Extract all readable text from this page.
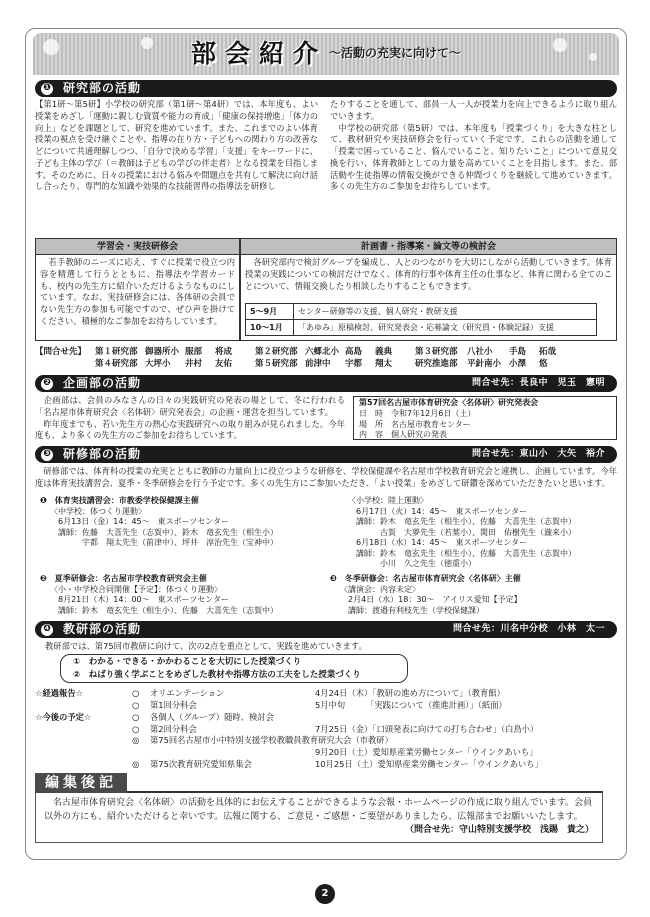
部会紹介 ～活動の充実に向けて～
❶ 研究部の活動
【第1研～第5研】小学校の研究部（第1研～第4研）では、本年度も、よい授業をめざし「運動に親しむ資質や能力の育成」「健康の保持増進」「体力の向上」などを課題として、研究を進めています。また、これまでのよい体育授業の視点を受け継ぐことや、指導の在り方・子どもへの関わり方の改善などについて共通理解しつつ、「自分で決める学習」「支援」をキーワードに、子ども主体の学び（＝教師は子どもの学びの伴走者）となる授業を目指します。そのために、日々の授業における悩みや問題点を共有して解決に向け話し合ったり、専門的な知識や効果的な技能習得の指導法を研修し
たりすることを通して、部員一人一人が授業力を向上できるように取り組んでいきます。
　中学校の研究部（第5研）では、本年度も「授業づくり」を大きな柱として、教材研究や実技研修会を行っていく予定です。これらの活動を通して「授業で困っていること、悩んでいること、知りたいこと」について意見交換を行い、体育教師としての力量を高めていくことを目指します。また、部活動や生徒指導の情報交換ができる仲間づくりを継続して進めていきます。多くの先生方のご参加をお待ちしています。
学習会・実技研修会
　若手教師のニーズに応え、すぐに授業で役立つ内容を精選して行うとともに、指導法や学習カードも、校内の先生方に紹介いただけるようなものにしています。なお、実技研修会には、各体研の会員でない先生方の参加も可能ですので、ぜひ声を掛けてください。積極的なご参加をお待ちしています。
計画書・指導案・論文等の検討会
　各研究部内で検討グループを編成し、人とのつながりを大切にしながら活動していきます。体育授業の実践についての検討だけでなく、体育的行事や体育主任の仕事など、体育に関わる全てのことについて、情報交換したり相談したりすることもできます。
5～9月	センター研修等の支援、個人研究・教研支援
10～1月	「あゆみ」原稿検討、研究発表会・応募論文（研究員・体験記録）支援
【問合せ先】	第１研究部 御器所小 服部	将成	第２研究部 六郷北小 高島	義典	第３研究部	八社小	手島	拓哉
第４研究部 大坪小	井村	友佑	第５研究部 前津中	宇都	翔太	研究推進部	平針南小 小澤	悠
❷ 企画部の活動	問合せ先：長良中　児玉　憲明
　企画部は、会員のみなさんの日々の実践研究の発表の場として、冬に行われる「名古屋市体育研究会〈名体研〉研究発表会」の企画・運営を担当しています。
　昨年度までも、若い先生方の熱心な実践研究への取り組みが見られました。今年度も、より多くの先生方のご参加をお待ちしています。
第57回名古屋市体育研究会〈名体研〉研究発表会
日　時　 令和7年12月6日（土）
場　所　 名古屋市教育センター
内　容　 個人研究の発表
❸ 研修部の活動	問合せ先：東山小　大矢　裕介
　研修部では、体育科の授業の充実とともに教師の力量向上に役立つような研修を、学校保健課や名古屋市学校教育研究会と連携し、企画しています。今年度は体育実技講習会、夏季・冬季研修会を行う予定です。多くの先生方にご参加いただき、「よい授業」をめざして研鑽を深めていただきたいと思います。
❶　体育実技講習会：市教委学校保健課主催
〈中学校：体つくり運動〉
　6月13日（金）14：45～　東スポーツセンター
　講師：佐藤　大喜先生（志賀中）、鈴木　竜玄先生（相生小）
　　　　宇都　翔太先生（前津中）、坪井　淳治先生（宝神中）
〈小学校：陸上運動〉
　6月17日（火）14：45～　東スポーツセンター
　講師：鈴木　竜玄先生（相生小）、佐藤　大喜先生（志賀中）
　　　　古賀　大夢先生（若葉小）、関田　佑樹先生（瀧来小）
　6月18日（水）14：45～　東スポーツセンター
　講師：鈴木　竜玄先生（相生小）、佐藤　大喜先生（志賀中）
　　　　小川　久之先生（徳重小）
❷　夏季研修会：名古屋市学校教育研究会主催
〈小・中学校合同開催【予定】：体つくり運動〉
　8月21日（木）14：00～　東スポーツセンター
　講師：鈴木　竜玄先生（相生小）、佐藤　大喜先生（志賀中）
❸　冬季研修会：名古屋市体育研究会〈名体研〉主催
〈講演会：内容未定〉
　2月4日（水）18：30～　アイリス愛知【予定】
　講師：渡邉有利枝先生（学校保健課）
❹ 教研部の活動	問合せ先：川名中分校　小林　太一
教研部では、第75回市教研に向けて、次の2点を重点として、実践を進めていきます。
①　わかる・できる・かかわることを大切にした授業づくり
②　ねばり強く学ぶことをめざした教材や指導方法の工夫をした授業づくり
☆経過報告☆	○	オリエンテーション	4月24日（木）「教研の進め方について」（教育館）
○	第1回分科会	5月中旬　　　「実践について（推進計画）」（紙面）
☆今後の予定☆	○	各個人（グループ）随時、検討会
○	第2回分科会	7月25日（金）「口頭発表に向けての打ち合わせ」（白鳥小）
◎	第75回名古屋市小中特別支援学校教職員教育研究大会（市教研）
9月20日（土）愛知県産業労働センター「ウインクあいち」
◎	第75次教育研究愛知県集会	10月25日（土）愛知県産業労働センター「ウインクあいち」
編集後記
　名古屋市体育研究会〈名体研〉の活動を具体的にお伝えすることができるような会報・ホームページの作成に取り組んでいます。会員以外の方にも、紹介いただけると幸いです。広報に関する、ご意見・ご感想・ご要望がありましたら、広報部までお願いいたします。
（問合せ先：守山特別支援学校　浅賜　貴之）
2
